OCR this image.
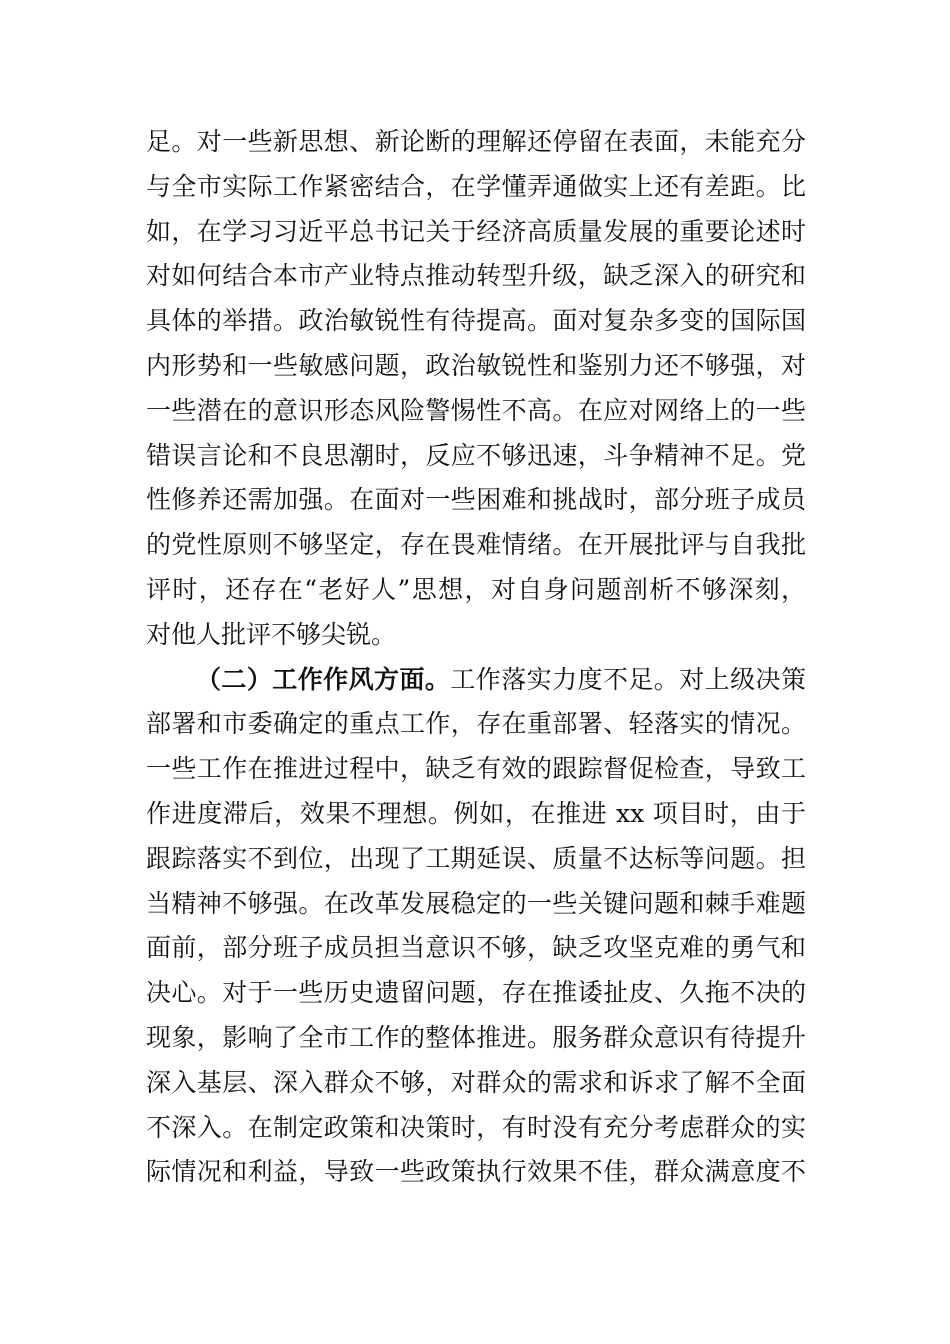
足。对一些新思想、新论断的理解还停留在表面，未能充分
与全市实际工作紧密结合，在学懂弄通做实上还有差距。比
如，在学习习近平总书记关于经济高质量发展的重要论述时
对如何结合本市产业特点推动转型升级，缺乏深入的研究和
具体的举措。政治敏锐性有待提高。面对复杂多变的国际国
内形势和一些敏感问题，政治敏锐性和鉴别力还不够强，对
一些潜在的意识形态风险警惕性不高。在应对网络上的一些
错误言论和不良思潮时，反应不够迅速，斗争精神不足。党
性修养还需加强。在面对一些困难和挑战时，部分班子成员
的党性原则不够坚定，存在畏难情绪。在开展批评与自我批
评时，还存在“老好人”思想，对自身问题剖析不够深刻，
对他人批评不够尖锐。
（二）工作作风方面。工作落实力度不足。对上级决策
部署和市委确定的重点工作，存在重部署、轻落实的情况。
一些工作在推进过程中，缺乏有效的跟踪督促检查，导致工
作进度滞后，效果不理想。例如，在推进 xx 项目时，由于
跟踪落实不到位，出现了工期延误、质量不达标等问题。担
当精神不够强。在改革发展稳定的一些关键问题和棘手难题
面前，部分班子成员担当意识不够，缺乏攻坚克难的勇气和
决心。对于一些历史遗留问题，存在推诿扯皮、久拖不决的
现象，影响了全市工作的整体推进。服务群众意识有待提升
深入基层、深入群众不够，对群众的需求和诉求了解不全面
不深入。在制定政策和决策时，有时没有充分考虑群众的实
际情况和利益，导致一些政策执行效果不佳，群众满意度不
